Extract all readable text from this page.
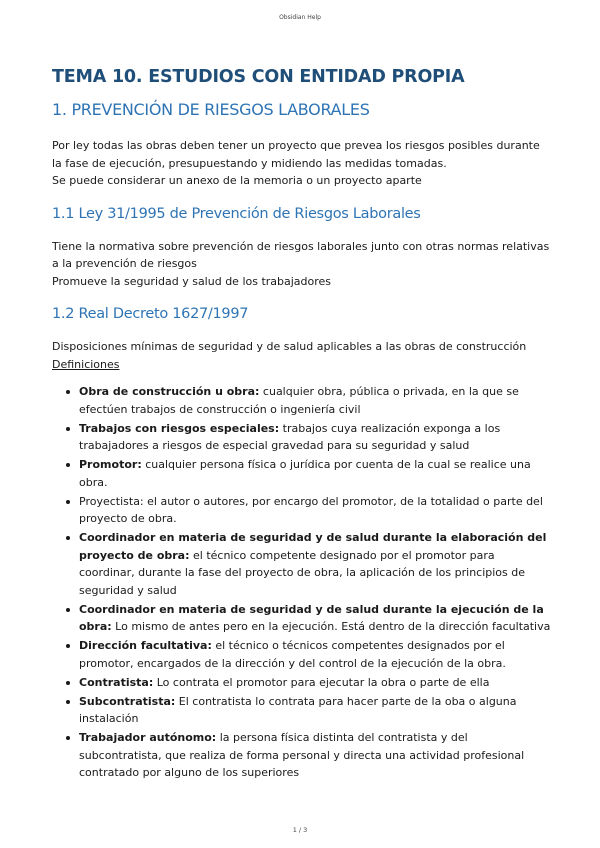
Obsidian Help
TEMA 10. ESTUDIOS CON ENTIDAD PROPIA
1. PREVENCIÓN DE RIESGOS LABORALES

Por ley todas las obras deben tener un proyecto que prevea los riesgos posibles durante la fase de ejecución, presupuestando y midiendo las medidas tomadas.
Se puede considerar un anexo de la memoria o un proyecto aparte

1.1 Ley 31/1995 de Prevención de Riesgos Laborales

Tiene la normativa sobre prevención de riesgos laborales junto con otras normas relativas a la prevención de riesgos
Promueve la seguridad y salud de los trabajadores

1.2 Real Decreto 1627/1997

Disposiciones mínimas de seguridad y de salud aplicables a las obras de construcción
Definiciones

Obra de construcción u obra: cualquier obra, pública o privada, en la que se efectúen trabajos de construcción o ingeniería civil
Trabajos con riesgos especiales: trabajos cuya realización exponga a los trabajadores a riesgos de especial gravedad para su seguridad y salud
Promotor: cualquier persona física o jurídica por cuenta de la cual se realice una obra.
Proyectista: el autor o autores, por encargo del promotor, de la totalidad o parte del proyecto de obra.
Coordinador en materia de seguridad y de salud durante la elaboración del proyecto de obra: el técnico competente designado por el promotor para coordinar, durante la fase del proyecto de obra, la aplicación de los principios de seguridad y salud
Coordinador en materia de seguridad y de salud durante la ejecución de la obra: Lo mismo de antes pero en la ejecución. Está dentro de la dirección facultativa
Dirección facultativa: el técnico o técnicos competentes designados por el promotor, encargados de la dirección y del control de la ejecución de la obra.
Contratista: Lo contrata el promotor para ejecutar la obra o parte de ella
Subcontratista: El contratista lo contrata para hacer parte de la oba o alguna instalación
Trabajador autónomo: la persona física distinta del contratista y del subcontratista, que realiza de forma personal y directa una actividad profesional contratado por alguno de los superiores
1 / 3
